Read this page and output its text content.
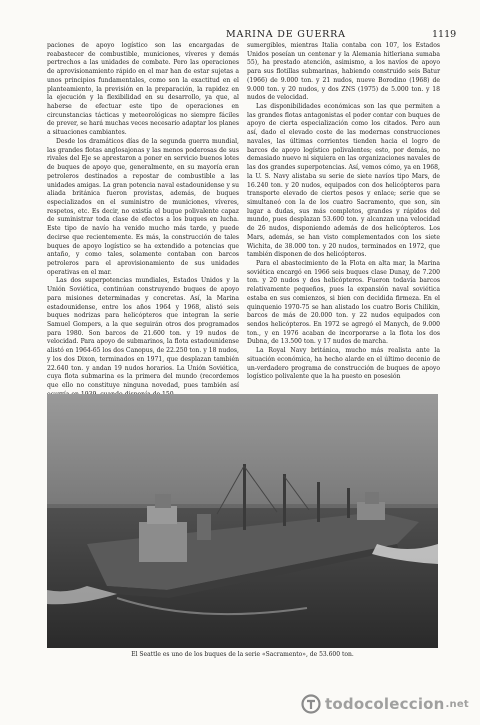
MARINA DE GUERRA	1119

paciones de apoyo logístico son las encargadas de reabastecer de combustible, municiones, víveres y demás pertrechos a las unidades de combate. Pero las operaciones de aprovisionamiento rápido en el mar han de estar sujetas a unos principios fundamentales, como son la exactitud en el planteamiento, la previsión en la preparación, la rapidez en la ejecución y la flexibilidad en su desarrollo, ya que, al haberse de efectuar este tipo de operaciones en circunstancias tácticas y meteorológicas no siempre fáciles de prever, se hará muchas veces necesario adaptar los planes a situaciones cambiantes.

Desde los dramáticos días de la segunda guerra mundial, las grandes flotas anglosajonas y las menos poderosas de sus rivales del Eje se aprestaron a poner en servicio buenos lotes de buques de apoyo que, generalmente, en su mayoría eran petroleros destinados a repostar de combustible a las unidades amigas. La gran potencia naval estadounidense y su aliada británica fueron provistas, además, de buques especializados en el suministro de municiones, víveres, respetos, etc. Es decir, no existía el buque polivalente capaz de suministrar toda clase de efectos a los buques en lucha. Este tipo de navío ha venido mucho más tarde, y puede decirse que recientemente. Es más, la construcción de tales buques de apoyo logístico se ha extendido a potencias que antaño, y como tales, solamente contaban con barcos petroleros para el aprovisionamiento de sus unidades operativas en el mar.

Las dos superpotencias mundiales, Estados Unidos y la Unión Soviética, continúan construyendo buques de apoyo para misiones determinadas y concretas. Así, la Marina estadounidense, entre los años 1964 y 1968, alistó seis buques nodrizas para helicópteros que integran la serie Samuel Gompers, a la que seguirán otros dos programados para 1980. Son barcos de 21.600 ton. y 19 nudos de velocidad. Para apoyo de submarinos, la flota estadounidense alistó en 1964-65 los dos Canopus, de 22.250 ton. y 18 nudos, y los dos Dixon, terminados en 1971, que desplazan también 22.640 ton. y andan 19 nudos horarios. La Unión Soviética, cuya flota submarina es la primera del mundo (recordemos que ello no constituye ninguna novedad, pues también así

sumergibles, mientras Italia contaba con 107, los Estados Unidos poseían un centenar y la Alemania hitleriana sumaba 55), ha prestado atención, asimismo, a los navíos de apoyo para sus flotillas submarinas, habiendo construido seis Batur (1966) de 9.000 ton. y 21 nudos, nueve Borodino (1968) de 9.000 ton. y 20 nudos, y dos ZNS (1975) de 5.000 ton. y 18 nudos de velocidad.

Las disponibilidades económicas son las que permiten a las grandes flotas antagonistas el poder contar con buques de apoyo de cierta especialización como los citados. Pero aun así, dado el elevado coste de las modernas construcciones navales, las últimas corrientes tienden hacia el logro de barcos de apoyo logístico polivalentes; esto, por demás, no demasiado nuevo ni siquiera en las organizaciones navales de las dos grandes superpotencias. Así, vemos cómo, ya en 1968, la U. S. Navy alistaba su serie de siete navíos tipo Mars, de 16.240 ton. y 20 nudos, equipados con dos helicópteros para transporte elevado de ciertos pesos y enlace; serie que se simultaneó con la de los cuatro Sacramento, que son, sin lugar a dudas, sus más completos, grandes y rápidos del mundo, pues desplazan 53.600 ton. y alcanzan una velocidad de 26 nudos, disponiendo además de dos helicópteros. Los Mars, además, se han visto complementados con los siete Wichita, de 38.000 ton. y 20 nudos, terminados en 1972, que también disponen de dos helicópteros.

Para el abastecimiento de la Flota en alta mar, la Marina soviética encargó en 1966 seis buques clase Dunay, de 7.200 ton. y 20 nudos y dos helicópteros. Fueron todavía barcos relativamente pequeños, pues la expansión naval soviética estaba en sus comienzos, si bien con decidida firmeza. En el quinquenio 1970-75 se han alistado los cuatro Boris Chilikin, barcos de más de 20.000 ton. y 22 nudos equipados con sendos helicópteros. En 1972 se agregó el Manych, de 9.000 ton., y en 1976 acaban de incorporarse a la flota los dos Dubna, de 13.500 ton. y 17 nudos de marcha.

La Royal Navy británica, mucho más realista ante la situación económica, ha hecho alarde en el último decenio de un-verdadero programa de construcción de buques de apoyo logístico polivalente que la ha puesto en posesión

El Seattle es uno de los buques de la serie «Sacramento», de 53.600 ton.
todocoleccion .net
